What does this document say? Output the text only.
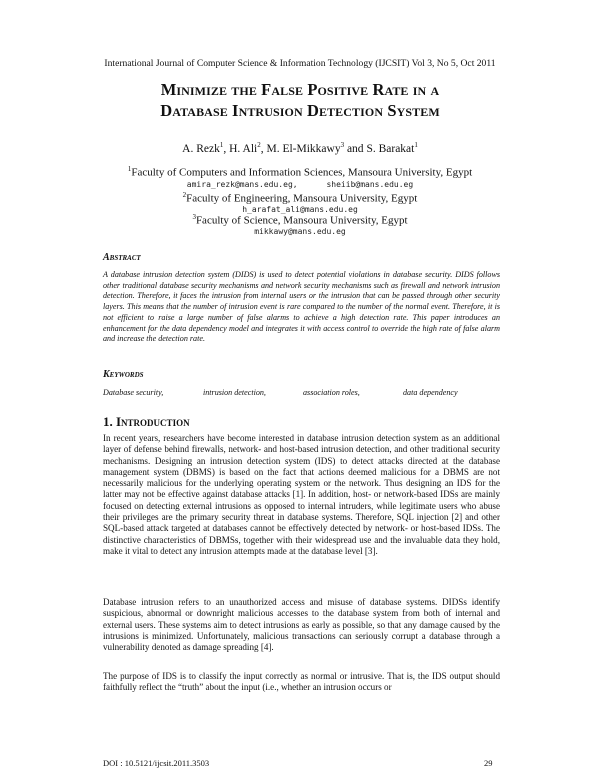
International Journal of Computer Science & Information Technology (IJCSIT) Vol 3, No 5, Oct 2011
Minimize the False Positive Rate in a
Database Intrusion Detection System
A. Rezk$^1$, H. Ali$^2$, M. El-Mikkawy$^3$ and S. Barakat$^1$
$^1$Faculty of Computers and Information Sciences, Mansoura University, Egypt
amira_rezk@mans.edu.eg,	sheiib@mans.edu.eg
$^2$Faculty of Engineering, Mansoura University, Egypt
h_arafat_ali@mans.edu.eg
$^3$Faculty of Science, Mansoura University, Egypt
mikkawy@mans.edu.eg
Abstract
A database intrusion detection system (DIDS) is used to detect potential violations in database security. DIDS follows other traditional database security mechanisms and network security mechanisms such as firewall and network intrusion detection. Therefore, it faces the intrusion from internal users or the intrusion that can be passed through other security layers. This means that the number of intrusion event is rare compared to the number of the normal event. Therefore, it is not efficient to raise a large number of false alarms to achieve a high detection rate. This paper introduces an enhancement for the data dependency model and integrates it with access control to override the high rate of false alarm and increase the detection rate.
Keywords
Database security,	intrusion detection,	association roles,	data dependency
1. Introduction
In recent years, researchers have become interested in database intrusion detection system as an additional layer of defense behind firewalls, network- and host-based intrusion detection, and other traditional security mechanisms. Designing an intrusion detection system (IDS) to detect attacks directed at the database management system (DBMS) is based on the fact that actions deemed malicious for a DBMS are not necessarily malicious for the underlying operating system or the network. Thus designing an IDS for the latter may not be effective against database attacks [1]. In addition, host- or network-based IDSs are mainly focused on detecting external intrusions as opposed to internal intruders, while legitimate users who abuse their privileges are the primary security threat in database systems. Therefore, SQL injection [2] and other SQL-based attack targeted at databases cannot be effectively detected by network- or host-based IDSs. The distinctive characteristics of DBMSs, together with their widespread use and the invaluable data they hold, make it vital to detect any intrusion attempts made at the database level [3].
Database intrusion refers to an unauthorized access and misuse of database systems. DIDSs identify suspicious, abnormal or downright malicious accesses to the database system from both of internal and external users. These systems aim to detect intrusions as early as possible, so that any damage caused by the intrusions is minimized. Unfortunately, malicious transactions can seriously corrupt a database through a vulnerability denoted as damage spreading [4].
The purpose of IDS is to classify the input correctly as normal or intrusive. That is, the IDS output should faithfully reflect the “truth” about the input (i.e., whether an intrusion occurs or
DOI : 10.5121/ijcsit.2011.3503	29
